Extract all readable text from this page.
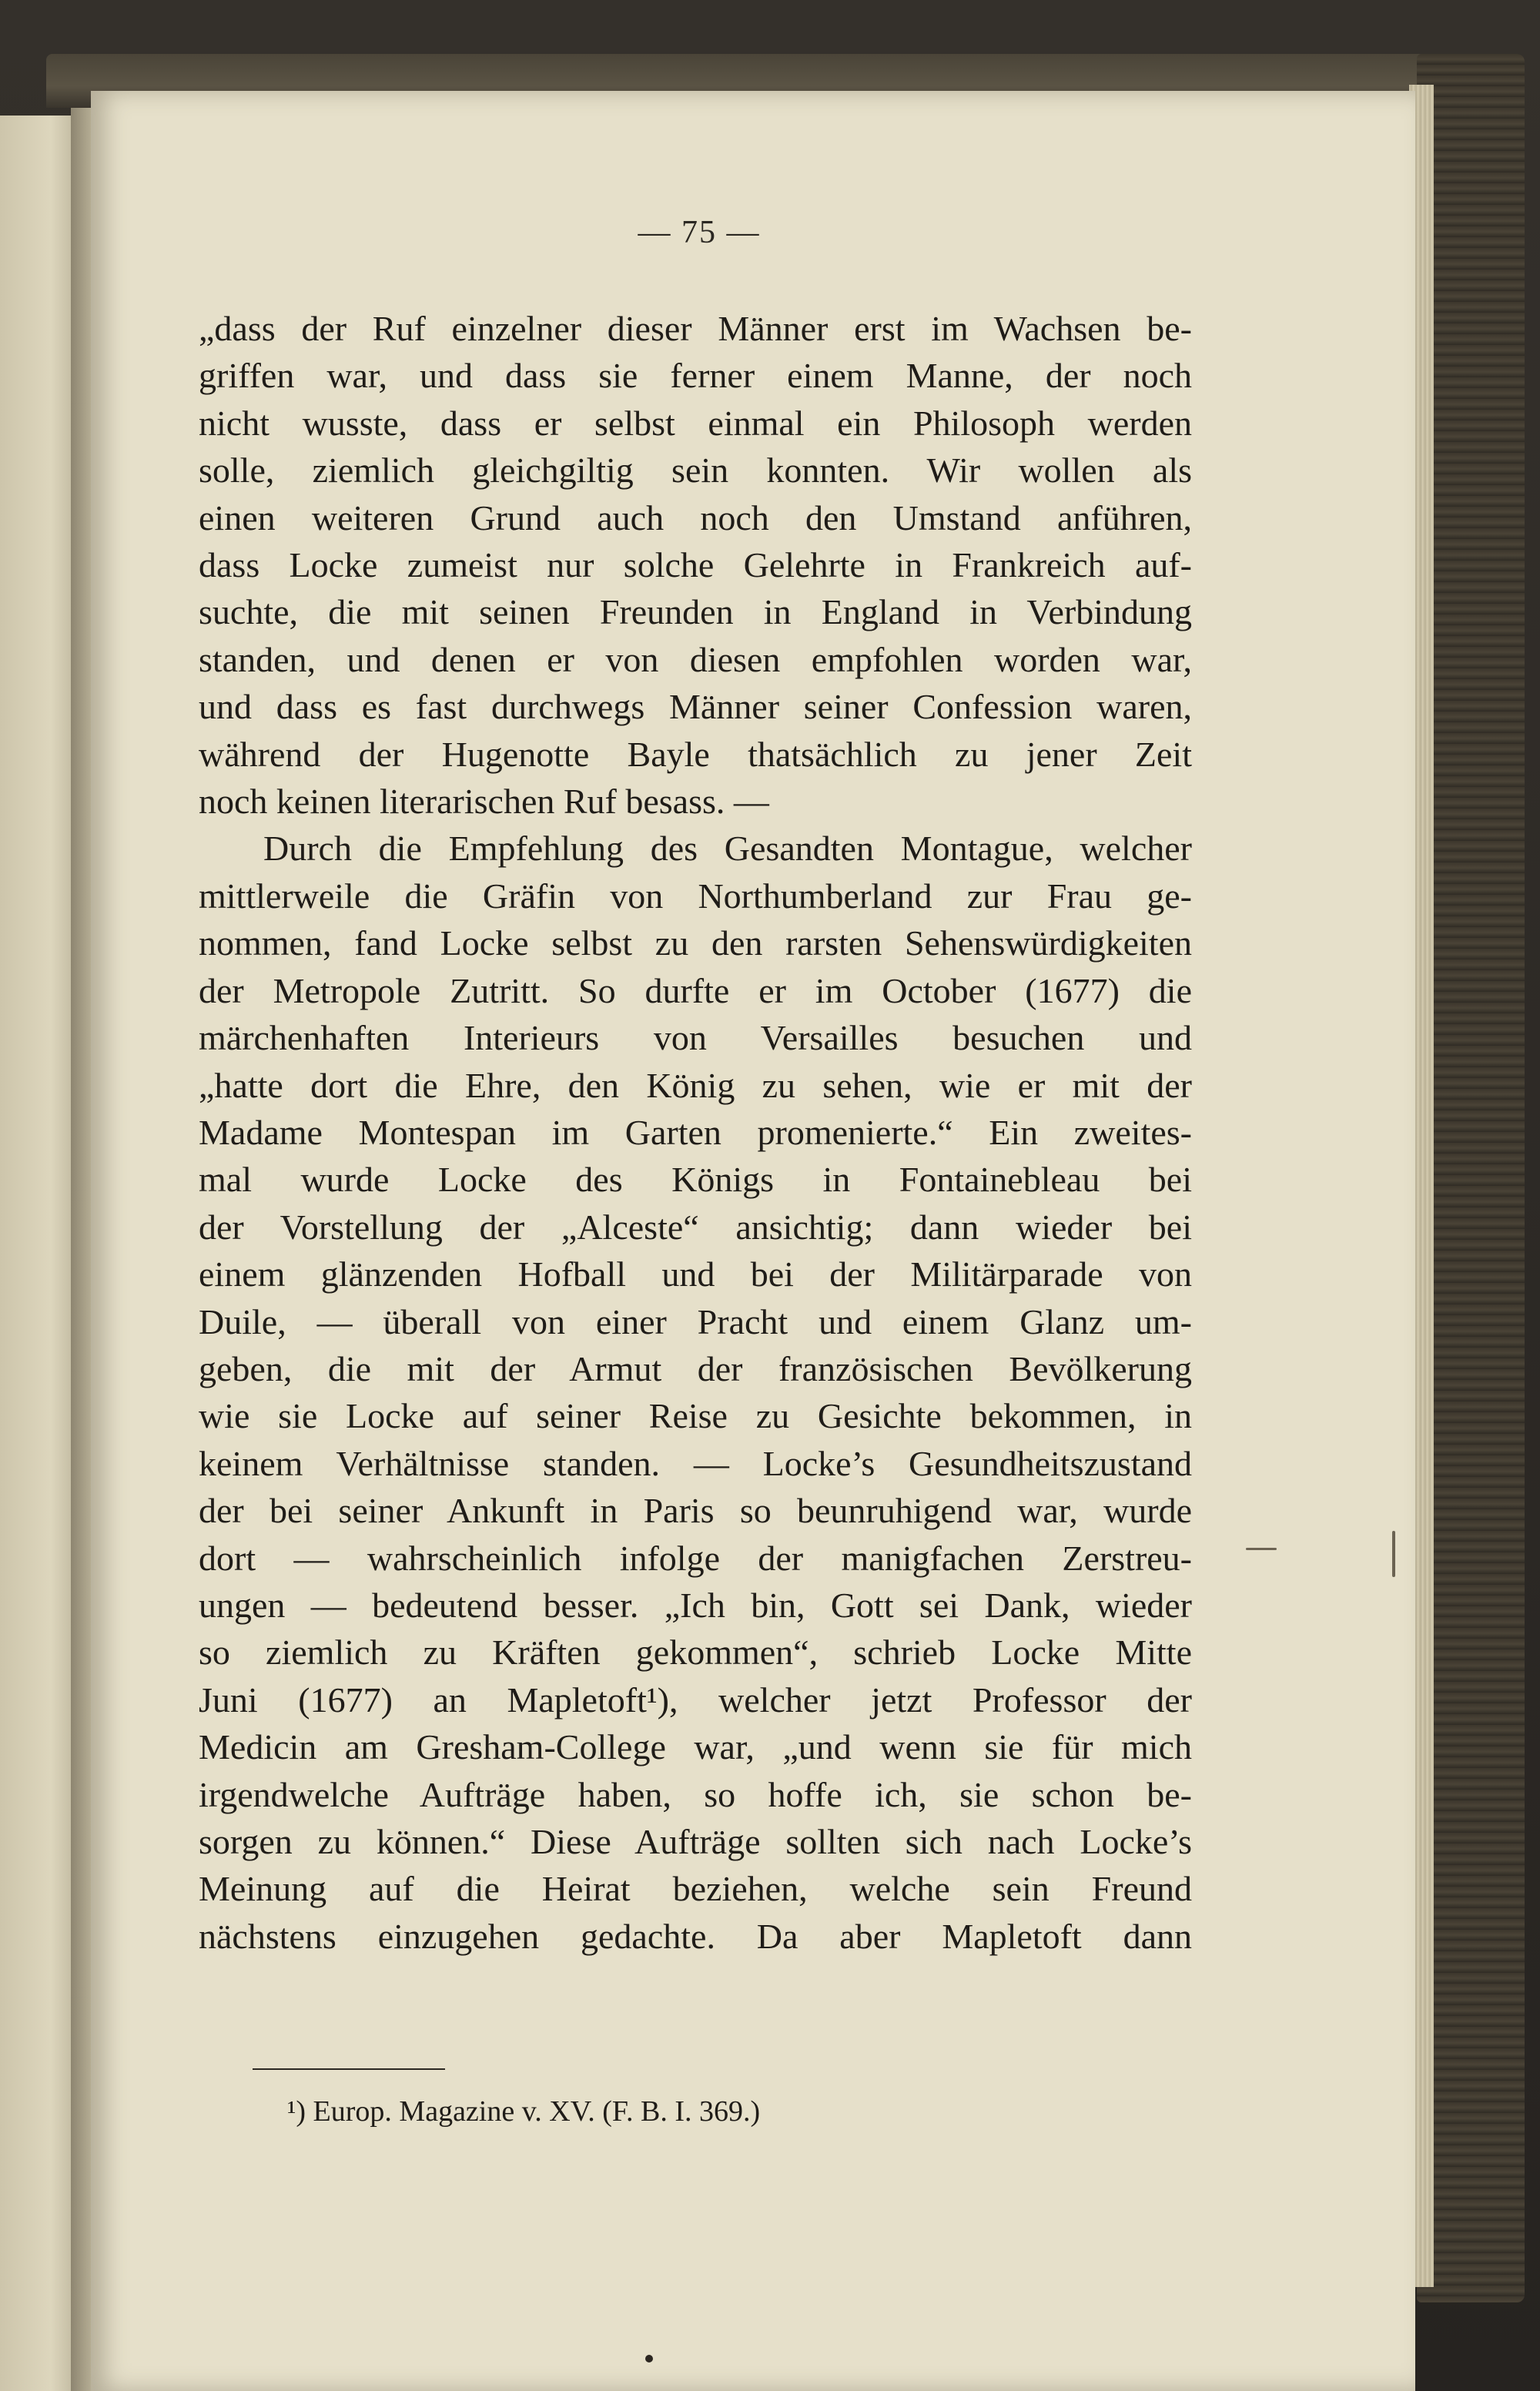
— 75 —
„dass der Ruf einzelner dieser Männer erst im Wachsen be-
griffen war, und dass sie ferner einem Manne, der noch
nicht wusste, dass er selbst einmal ein Philosoph werden
solle, ziemlich gleichgiltig sein konnten. Wir wollen als
einen weiteren Grund auch noch den Umstand anführen,
dass Locke zumeist nur solche Gelehrte in Frankreich auf-
suchte, die mit seinen Freunden in England in Verbindung
standen, und denen er von diesen empfohlen worden war,
und dass es fast durchwegs Männer seiner Confession waren,
während der Hugenotte Bayle thatsächlich zu jener Zeit
noch keinen literarischen Ruf besass. —
Durch die Empfehlung des Gesandten Montague, welcher
mittlerweile die Gräfin von Northumberland zur Frau ge-
nommen, fand Locke selbst zu den rarsten Sehenswürdigkeiten
der Metropole Zutritt. So durfte er im October (1677) die
märchenhaften Interieurs von Versailles besuchen und
„hatte dort die Ehre, den König zu sehen, wie er mit der
Madame Montespan im Garten promenierte.“ Ein zweites-
mal wurde Locke des Königs in Fontainebleau bei
der Vorstellung der „Alceste“ ansichtig; dann wieder bei
einem glänzenden Hofball und bei der Militärparade von
Duile, — überall von einer Pracht und einem Glanz um-
geben, die mit der Armut der französischen Bevölkerung
wie sie Locke auf seiner Reise zu Gesichte bekommen, in
keinem Verhältnisse standen. — Locke’s Gesundheitszustand
der bei seiner Ankunft in Paris so beunruhigend war, wurde
dort — wahrscheinlich infolge der manigfachen Zerstreu-
ungen — bedeutend besser. „Ich bin, Gott sei Dank, wieder
so ziemlich zu Kräften gekommen“, schrieb Locke Mitte
Juni (1677) an Mapletoft¹), welcher jetzt Professor der
Medicin am Gresham-College war, „und wenn sie für mich
irgendwelche Aufträge haben, so hoffe ich, sie schon be-
sorgen zu können.“ Diese Aufträge sollten sich nach Locke’s
Meinung auf die Heirat beziehen, welche sein Freund
nächstens einzugehen gedachte. Da aber Mapletoft dann
¹) Europ. Magazine v. XV. (F. B. I. 369.)
